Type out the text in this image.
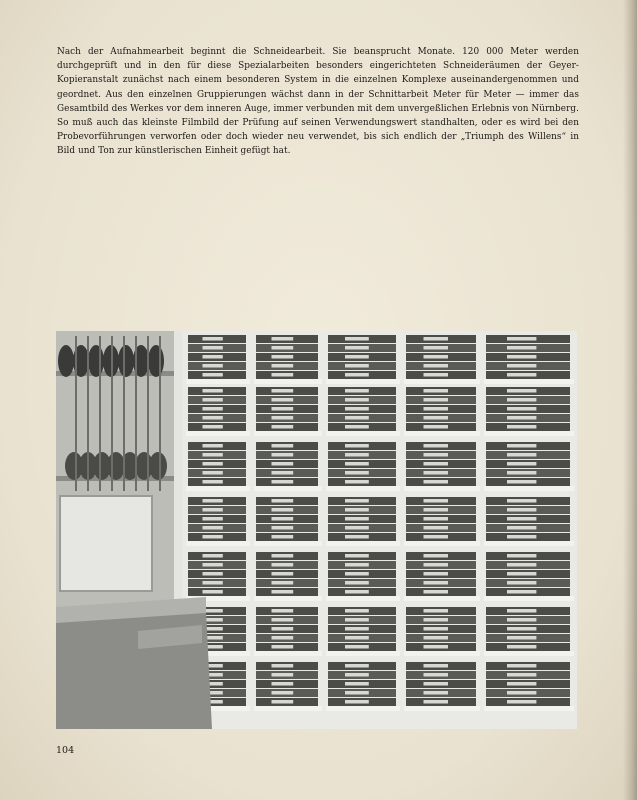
Nach der Aufnahmearbeit beginnt die Schneidearbeit. Sie beansprucht Monate. 120 000 Meter werden durchgeprüft und in den für diese Spezialarbeiten besonders eingerichteten Schneideräumen der Geyer-Kopieranstalt zunächst nach einem besonderen System in die einzelnen Komplexe auseinandergenommen und geordnet. Aus den einzelnen Gruppierungen wächst dann in der Schnittarbeit Meter für Meter — immer das Gesamtbild des Werkes vor dem inneren Auge, immer verbunden mit dem unvergeßlichen Erlebnis von Nürnberg. So muß auch das kleinste Filmbild der Prüfung auf seinen Verwendungswert standhalten, oder es wird bei den Probevorführungen verworfen oder doch wieder neu verwendet, bis sich endlich der „Triumph des Willens“ in Bild und Ton zur künstlerischen Einheit gefügt hat.

104
